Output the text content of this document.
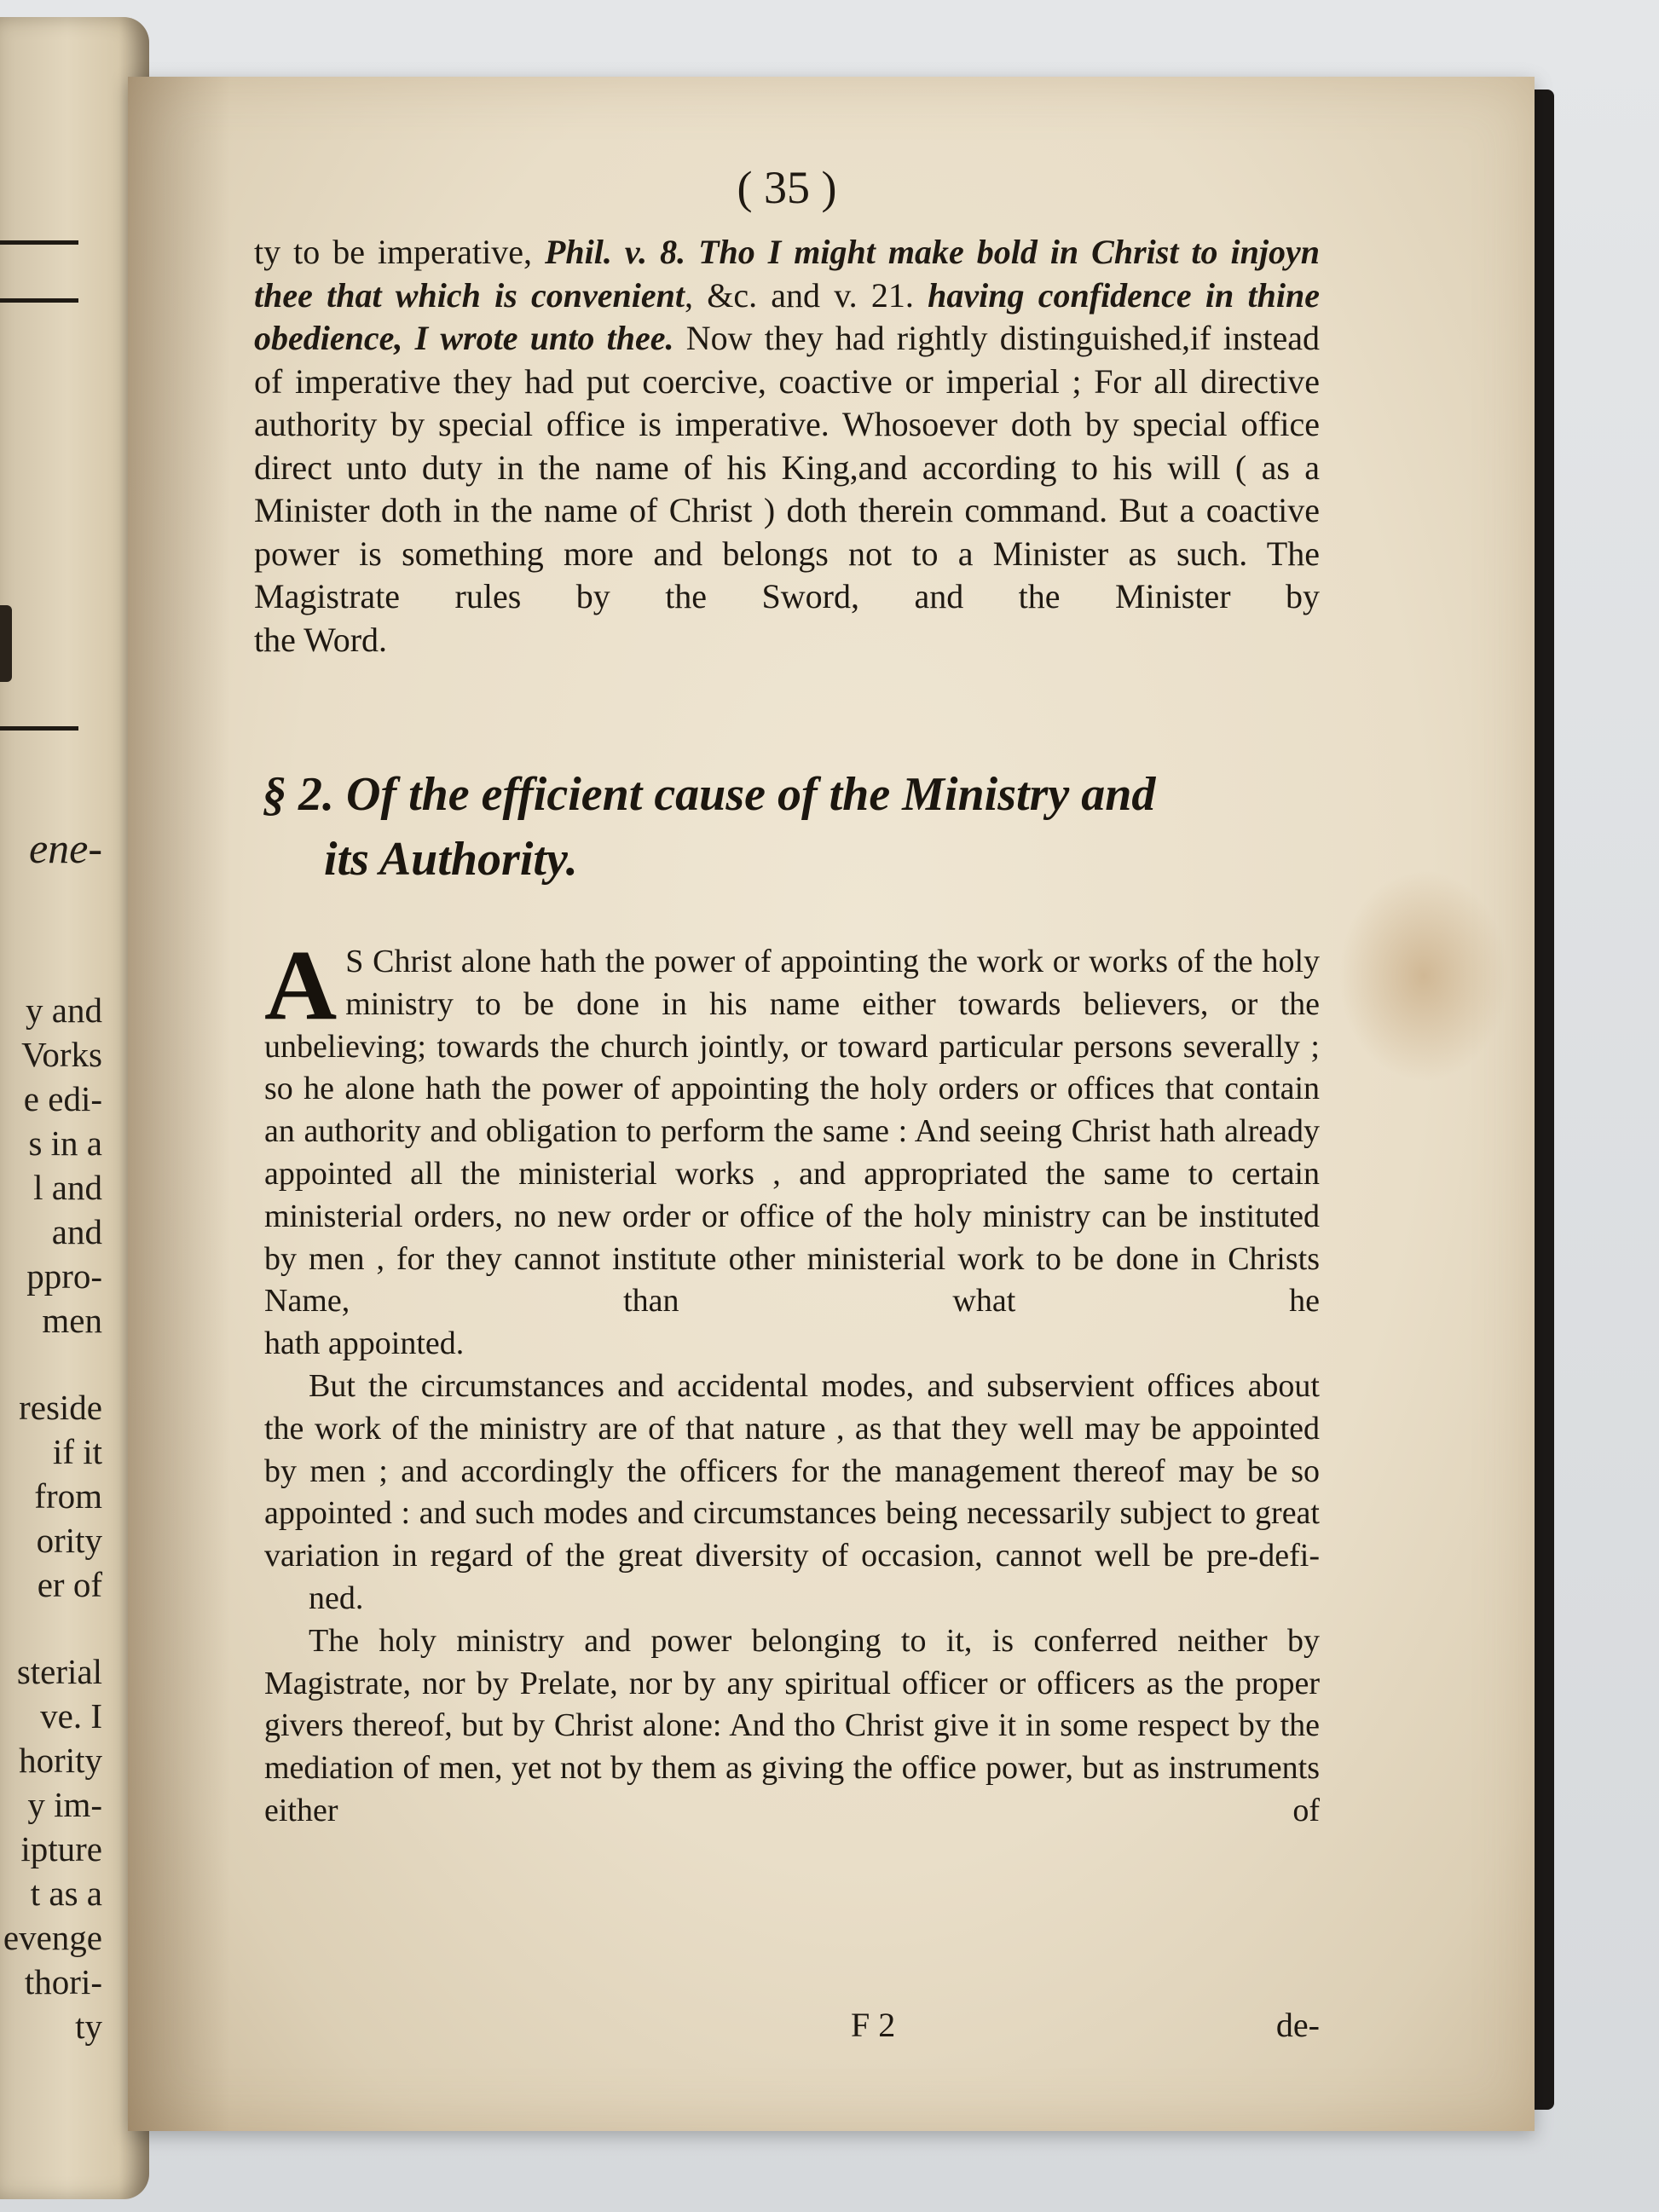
ene-

y and

Vorks

e edi-

s in a

l and

and

ppro-

men

reside

if it

from

ority

er of

sterial

ve. I

hority

y im-

ipture

t as a

evenge

thori-

ty

( 35 )

ty to be imperative, Phil. v. 8. Tho I might make bold in Christ to injoyn thee that which is convenient, &c. and v. 21. having confidence in thine obedience, I wrote unto thee. Now they had rightly distinguished,if instead of imperative they had put coercive, coactive or imperial ; For all directive authority by special office is imperative. Whosoever doth by special office direct unto duty in the name of his King,and according to his will ( as a Minister doth in the name of Christ ) doth therein command. But a coactive power is something more and belongs not to a Minister as such. The Magistrate rules by the Sword, and the Minister by
the Word.

§ 2. Of the efficient cause of the Ministry and
its Authority.

A S Christ alone hath the power of appointing the work or works of the holy ministry to be done in his name either towards believers, or the unbelieving; towards the church jointly, or toward particular persons severally ; so he alone hath the power of appointing the holy orders or offices that contain an authority and obligation to perform the same : And seeing Christ hath already appointed all the ministerial works , and appropriated the same to certain ministerial orders, no new order or office of the holy ministry can be instituted by men , for they cannot institute other ministerial work to be done in Christs Name, than what he
hath appointed.

But the circumstances and accidental modes, and subservient offices about the work of the ministry are of that nature , as that they well may be appointed by men ; and accordingly the officers for the management thereof may be so appointed : and such modes and circumstances being necessarily subject to great variation in regard of the great diversity of occasion, cannot well be pre-defi-
ned.

The holy ministry and power belonging to it, is conferred neither by Magistrate, nor by Prelate, nor by any spiritual officer or officers as the proper givers thereof, but by Christ alone: And tho Christ give it in some respect by the mediation of men, yet not by them as giving the office power, but as instruments either of

F 2	de-
